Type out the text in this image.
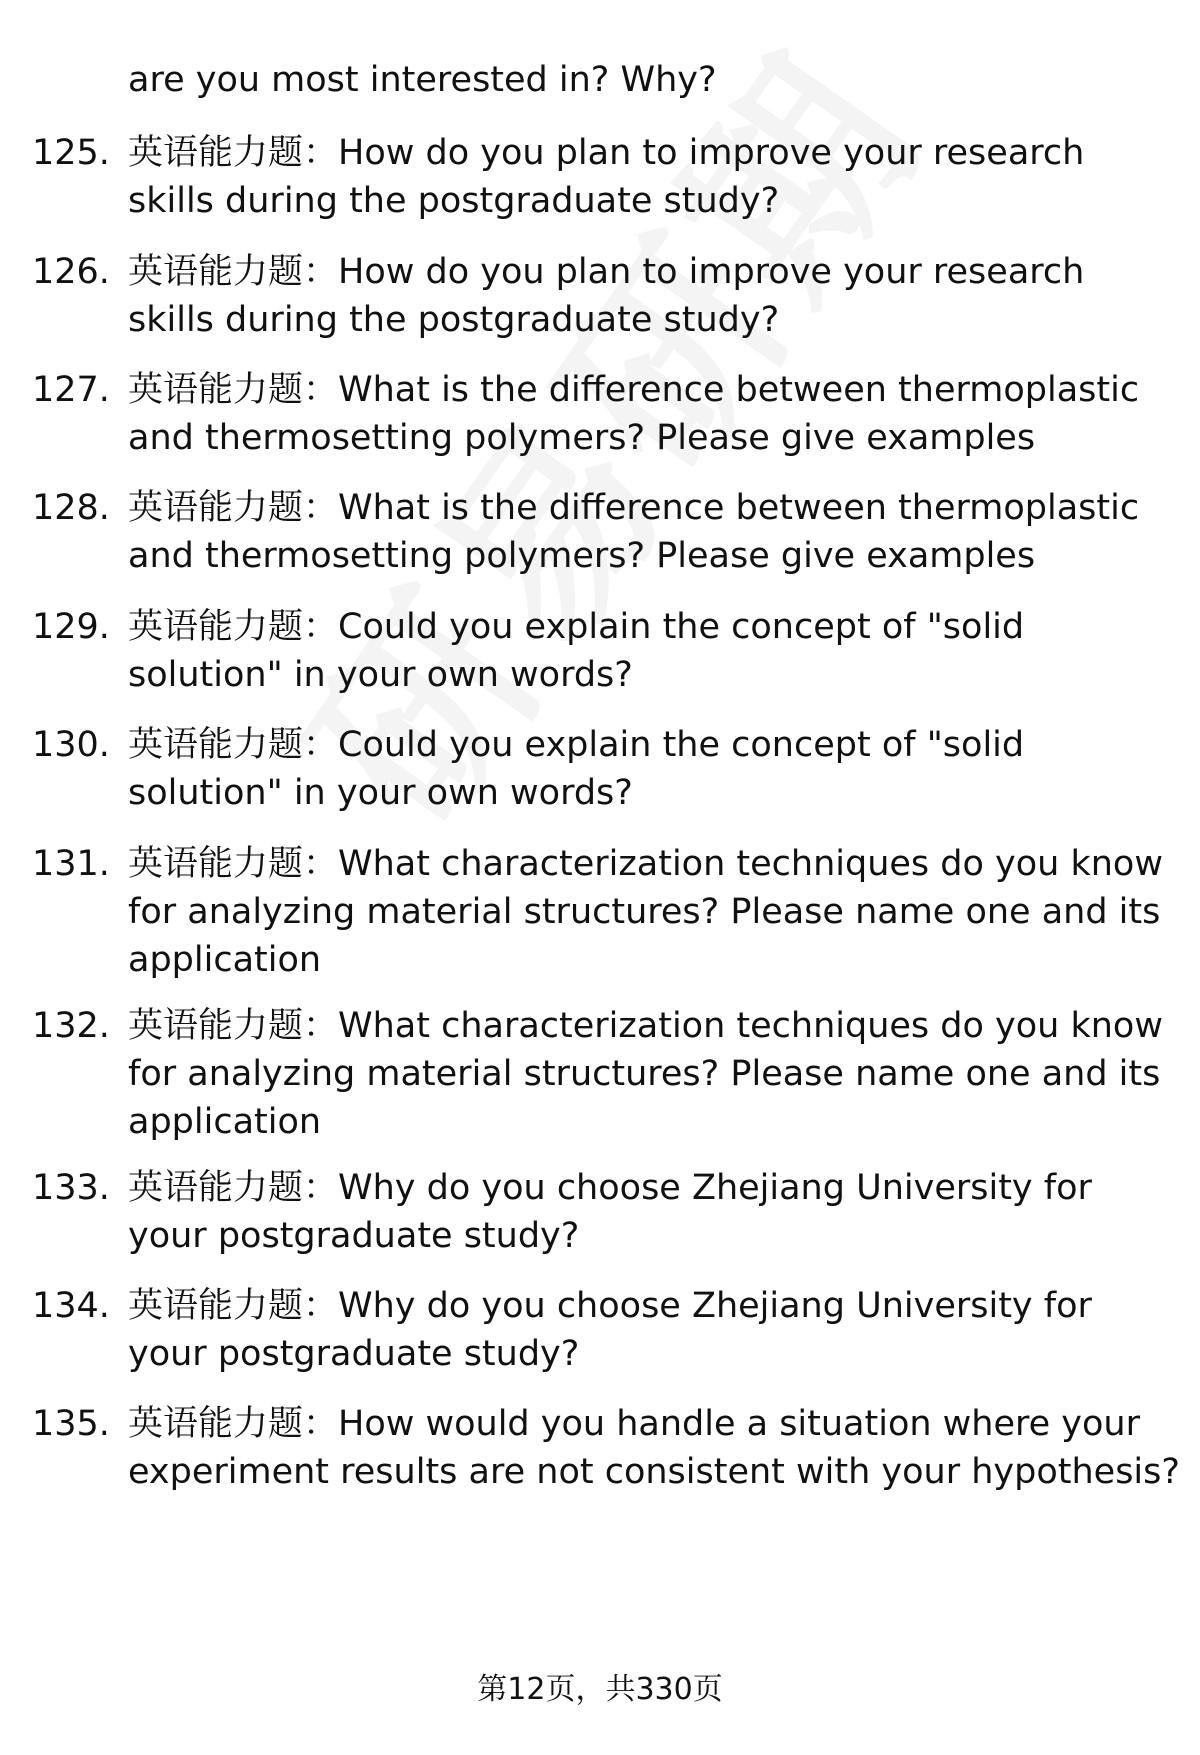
are you most interested in? Why?
125. 英语能力题：How do you plan to improve your research
skills during the postgraduate study?
126. 英语能力题：How do you plan to improve your research
skills during the postgraduate study?
127. 英语能力题：What is the difference between thermoplastic
and thermosetting polymers? Please give examples
128. 英语能力题：What is the difference between thermoplastic
and thermosetting polymers? Please give examples
129. 英语能力题：Could you explain the concept of "solid
solution" in your own words?
130. 英语能力题：Could you explain the concept of "solid
solution" in your own words?
131. 英语能力题：What characterization techniques do you know
for analyzing material structures? Please name one and its
application
132. 英语能力题：What characterization techniques do you know
for analyzing material structures? Please name one and its
application
133. 英语能力题：Why do you choose Zhejiang University for
your postgraduate study?
134. 英语能力题：Why do you choose Zhejiang University for
your postgraduate study?
135. 英语能力题：How would you handle a situation where your
experiment results are not consistent with your hypothesis?
第12页，共330页
